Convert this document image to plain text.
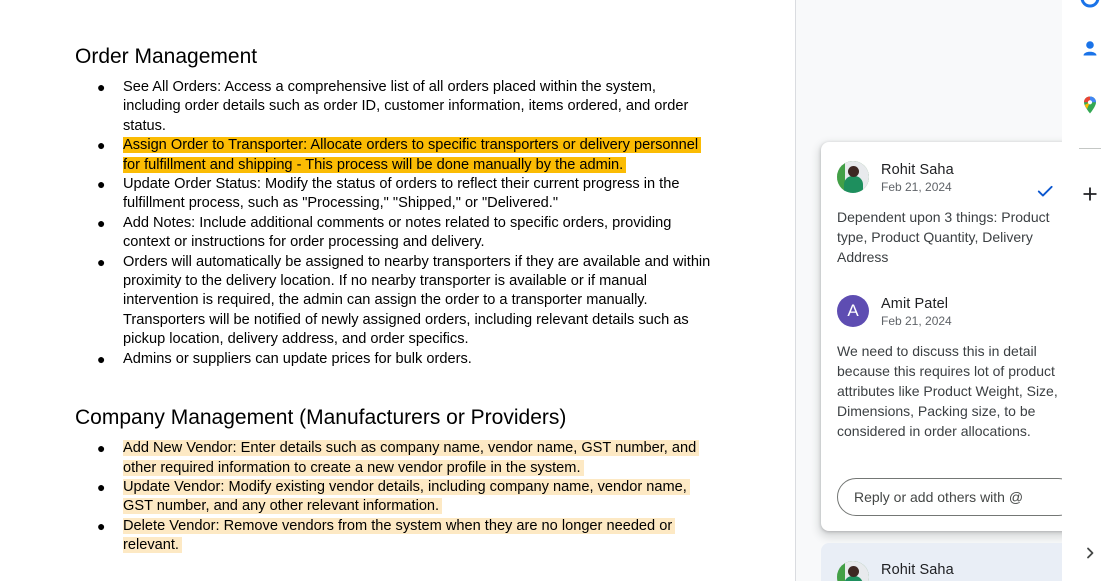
Order Management
● See All Orders: Access a comprehensive list of all orders placed within the system, including order details such as order ID, customer information, items ordered, and order status.
● Assign Order to Transporter: Allocate orders to specific transporters or delivery personnel for fulfillment and shipping - This process will be done manually by the admin.
● Update Order Status: Modify the status of orders to reflect their current progress in the fulfillment process, such as "Processing," "Shipped," or "Delivered."
● Add Notes: Include additional comments or notes related to specific orders, providing context or instructions for order processing and delivery.
● Orders will automatically be assigned to nearby transporters if they are available and within proximity to the delivery location. If no nearby transporter is available or if manual intervention is required, the admin can assign the order to a transporter manually. Transporters will be notified of newly assigned orders, including relevant details such as pickup location, delivery address, and order specifics.
● Admins or suppliers can update prices for bulk orders.
Company Management (Manufacturers or Providers)
● Add New Vendor: Enter details such as company name, vendor name, GST number, and other required information to create a new vendor profile in the system.
● Update Vendor: Modify existing vendor details, including company name, vendor name, GST number, and any other relevant information.
● Delete Vendor: Remove vendors from the system when they are no longer needed or relevant.
Rohit Saha
Feb 21, 2024
Dependent upon 3 things: Product type, Product Quantity, Delivery Address
A	Amit Patel
Feb 21, 2024
We need to discuss this in detail because this requires lot of product attributes like Product Weight, Size, Dimensions, Packing size, to be considered in order allocations.
Reply or add others with @
Rohit Saha
